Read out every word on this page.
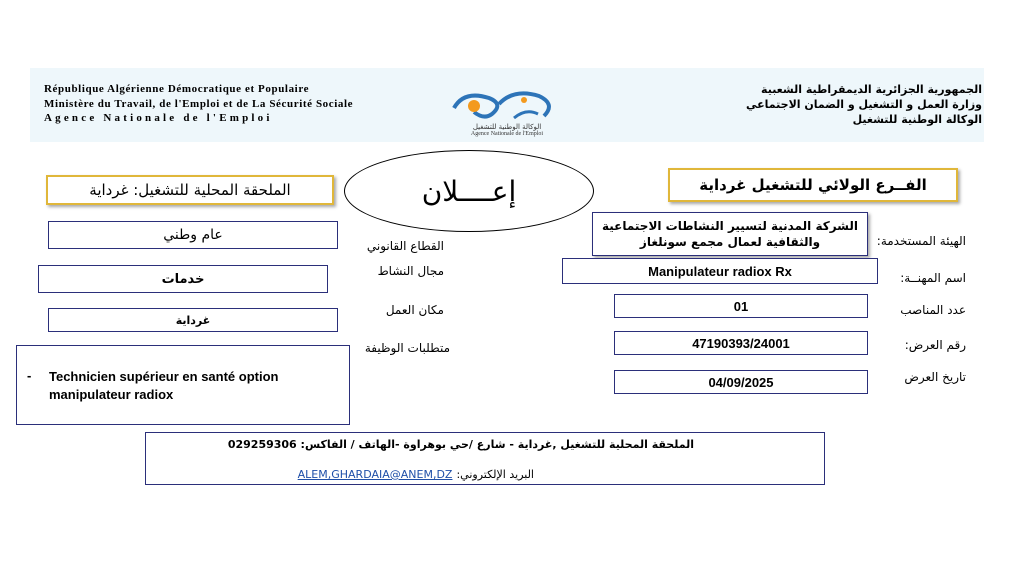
République Algérienne Démocratique et Populaire
Ministère du Travail, de l'Emploi et de La Sécurité Sociale
Agence Nationale de l'Emploi
الجمهورية الجزائرية الديمقراطية الشعبية
وزارة العمل و التشغيل و الضمان الاجتماعي
الوكالة الوطنية للتشغيل
الوكالة الوطنية للتشغيل
Agence Nationale de l'Emploi
الفــرع الولائي للتشغيل غرداية
الملحقة المحلية للتشغيل: غرداية	إعــــلان
الهيئة المستخدمة:
الشركة المدنية لتسيير النشاطات الاجتماعية والثقافية لعمال مجمع سونلغاز
اسم المهنــة:
Manipulateur radiox Rx
عدد المناصب
01
رقم العرض:
47190393/24001
تاريخ العرض
04/09/2025
القطاع القانوني
عام وطني
مجال النشاط
خدمات
مكان العمل
غرداية
متطلبات الوظيفة
- Technicien supérieur en santé option manipulateur radiox
الملحقة المحلية للتشغيل ,غرداية - شارع /حي بوهراوة -الهاتف / الفاكس: 029259306
البريد الإلكتروني:
ALEM,GHARDAIA@ANEM,DZ
